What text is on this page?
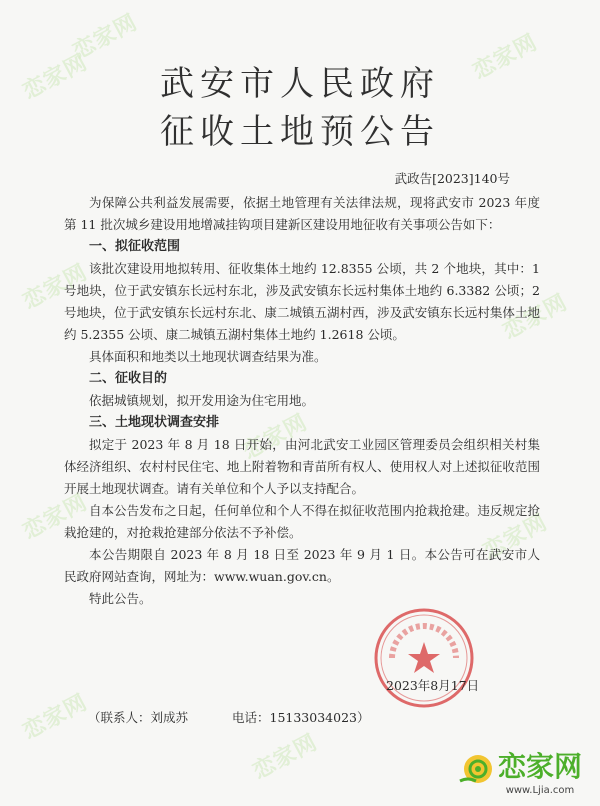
恋家网
恋家网	恋家网
恋家网
恋家网
恋家网
恋家网	恋家网
恋家网
恋家网
武安市人民政府
征收土地预公告
武政告[2023]140号

为保障公共利益发展需要，依据土地管理有关法律法规，现将武安市 2023 年度第 11 批次城乡建设用地增减挂钩项目建新区建设用地征收有关事项公告如下：

一、拟征收范围

该批次建设用地拟转用、征收集体土地约 12.8355 公顷，共 2 个地块，其中：1 号地块，位于武安镇东长远村东北，涉及武安镇东长远村集体土地约 6.3382 公顷；2 号地块，位于武安镇东长远村东北、康二城镇五湖村西，涉及武安镇东长远村集体土地约 5.2355 公顷、康二城镇五湖村集体土地约 1.2618 公顷。

具体面积和地类以土地现状调查结果为准。

二、征收目的

依据城镇规划，拟开发用途为住宅用地。

三、土地现状调查安排

拟定于 2023 年 8 月 18 日开始，由河北武安工业园区管理委员会组织相关村集体经济组织、农村村民住宅、地上附着物和青苗所有权人、使用权人对上述拟征收范围开展土地现状调查。请有关单位和个人予以支持配合。

自本公告发布之日起，任何单位和个人不得在拟征收范围内抢栽抢建。违反规定抢栽抢建的，对抢栽抢建部分依法不予补偿。

本公告期限自 2023 年 8 月 18 日至 2023 年 9 月 1 日。本公告可在武安市人民政府网站查询，网址为：www.wuan.gov.cn。

特此公告。

2023年8月17日
（联系人：刘成苏	电话：15133034023）
恋家网
www.Ljia.com
